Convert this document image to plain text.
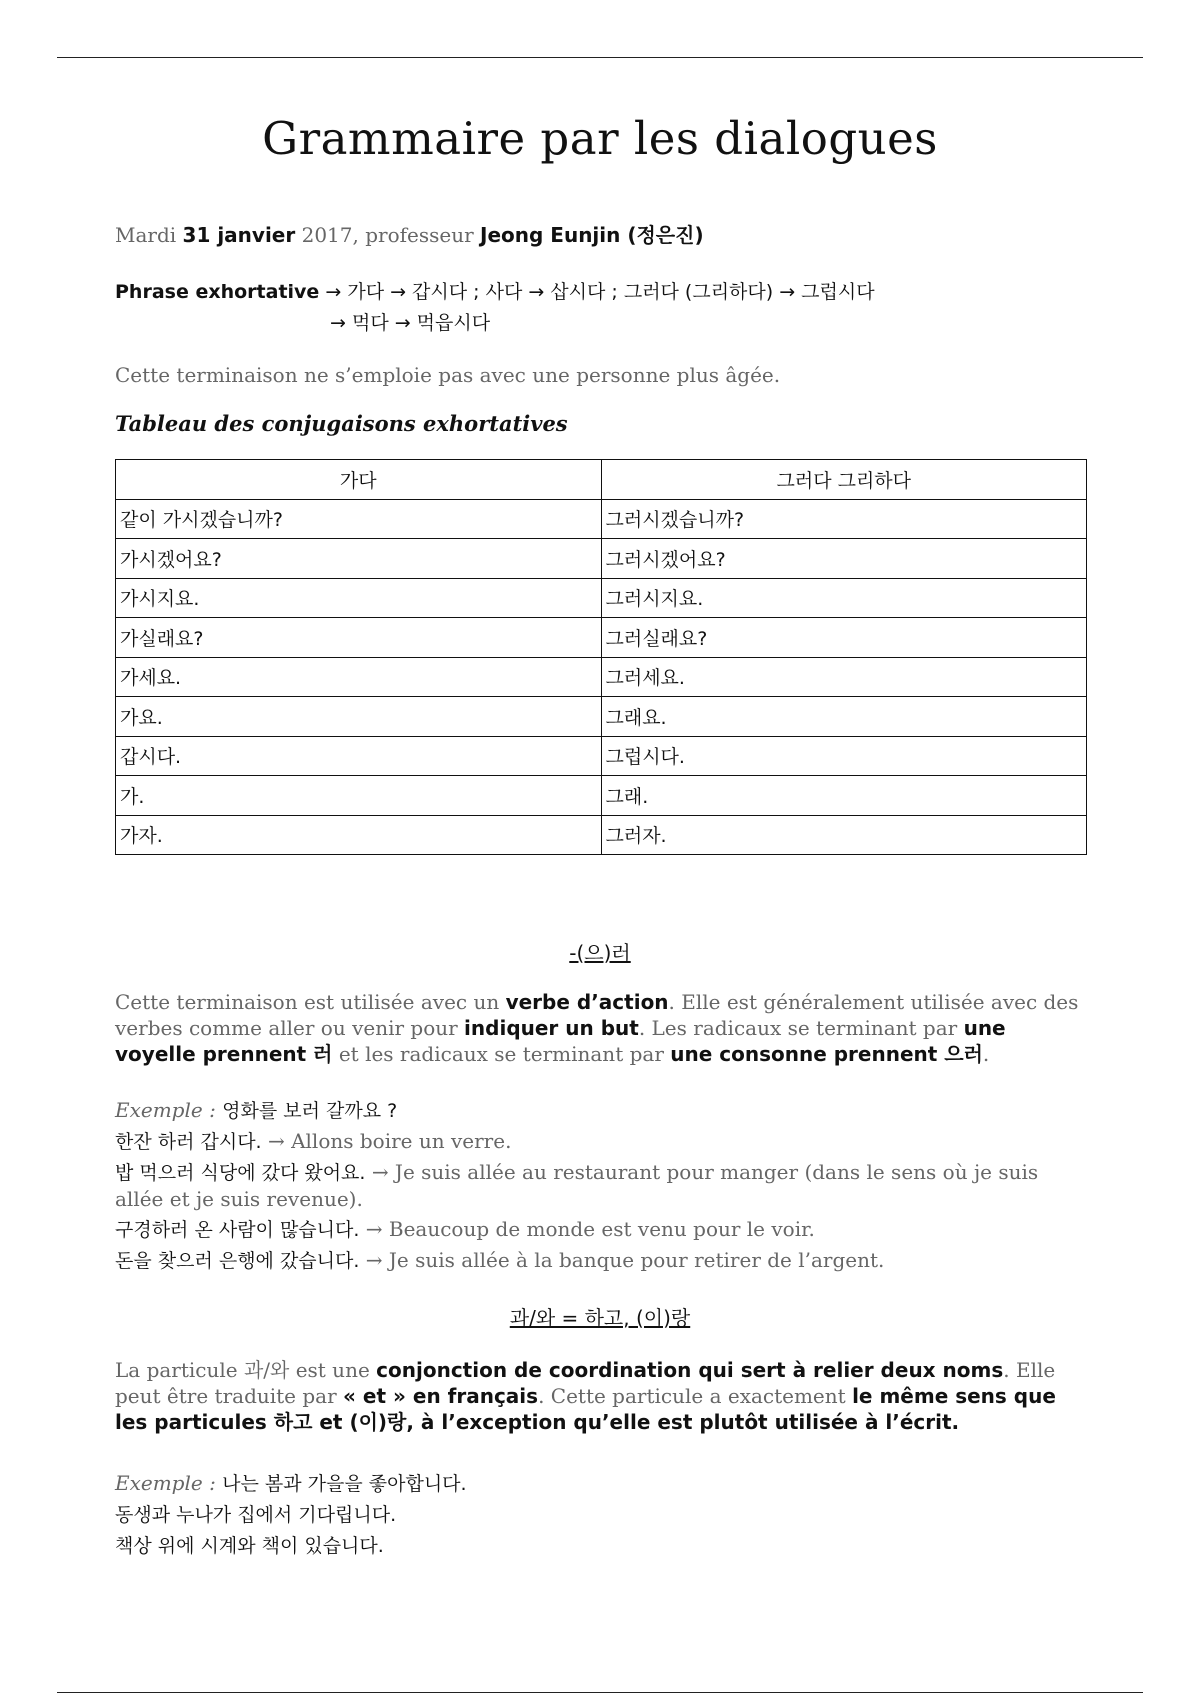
Grammaire par les dialogues
Mardi 31 janvier 2017, professeur Jeong Eunjin (정은진)
Phrase exhortative → 가다 → 갑시다 ; 사다 → 삽시다 ; 그러다 (그리하다) → 그럽시다
→ 먹다 → 먹읍시다
Cette terminaison ne s’emploie pas avec une personne plus âgée.
Tableau des conjugaisons exhortatives
가다	그러다 그리하다
같이 가시겠습니까?	그러시겠습니까?
가시겠어요?	그러시겠어요?
가시지요.	그러시지요.
가실래요?	그러실래요?
가세요.	그러세요.
가요.	그래요.
갑시다.	그럽시다.
가.	그래.
가자.	그러자.
-(으)러
Cette terminaison est utilisée avec un verbe d’action. Elle est généralement utilisée avec des verbes comme aller ou venir pour indiquer un but. Les radicaux se terminant par une voyelle prennent 러 et les radicaux se terminant par une consonne prennent 으러.
Exemple : 영화를 보러 갈까요 ?
한잔 하러 갑시다. → Allons boire un verre.
밥 먹으러 식당에 갔다 왔어요. → Je suis allée au restaurant pour manger (dans le sens où je suis allée et je suis revenue).
구경하러 온 사람이 많습니다. → Beaucoup de monde est venu pour le voir.
돈을 찾으러 은행에 갔습니다. → Je suis allée à la banque pour retirer de l’argent.
과/와 = 하고, (이)랑
La particule 과/와 est une conjonction de coordination qui sert à relier deux noms. Elle peut être traduite par « et » en français. Cette particule a exactement le même sens que les particules 하고 et (이)랑, à l’exception qu’elle est plutôt utilisée à l’écrit.
Exemple : 나는 봄과 가을을 좋아합니다.
동생과 누나가 집에서 기다립니다.
책상 위에 시계와 책이 있습니다.
